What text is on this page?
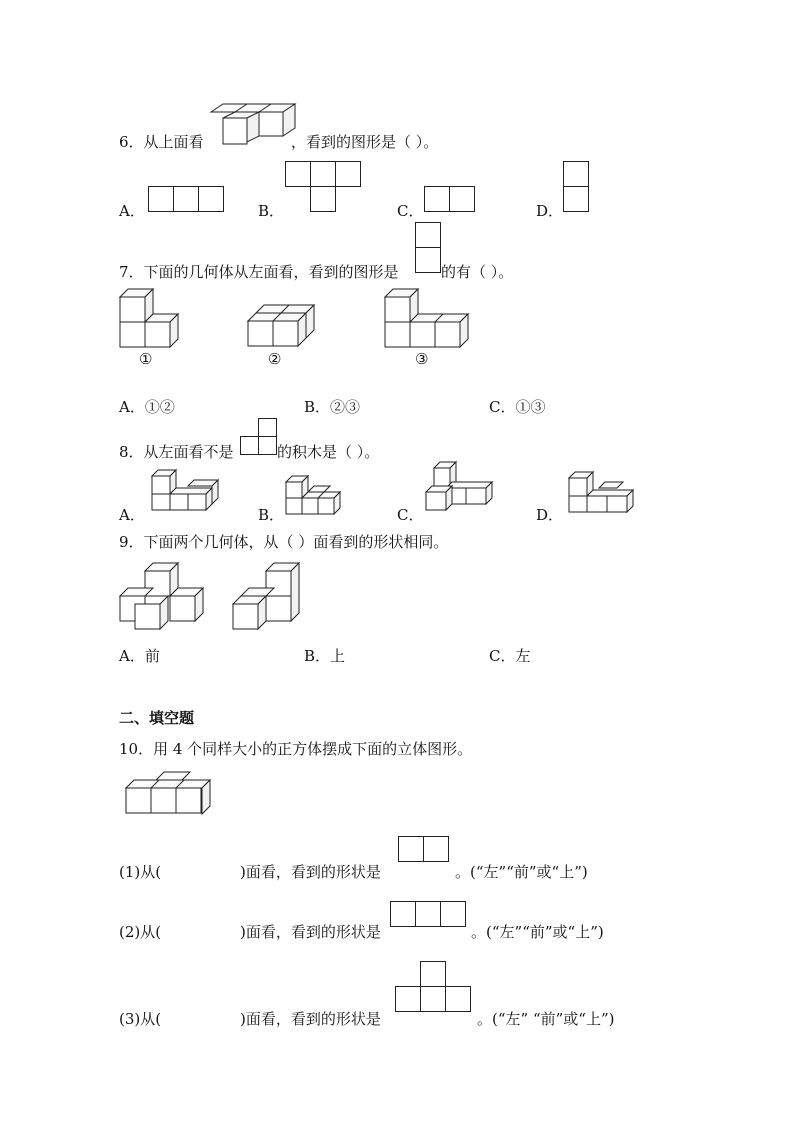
6．从上面看	，看到的图形是（ ）。
A．	B．	C．	D．
7．下面的几何体从左面看，看到的图形是	的有（ ）。
①	②	③
A．①②	B．②③	C．①③
8．从左面看不是	的积木是（ ）。
A．	B．	C．	D．
9．下面两个几何体，从（ ）面看到的形状相同。
A．前	B．上	C．左
二、填空题
10．用 4 个同样大小的正方体摆成下面的立体图形。
(1)从(	)面看，看到的形状是	。(“左”“前”或“上”)
(2)从(	)面看，看到的形状是	。(“左”“前”或“上”)
(3)从(	)面看，看到的形状是	。(“左” “前”或“上”)
